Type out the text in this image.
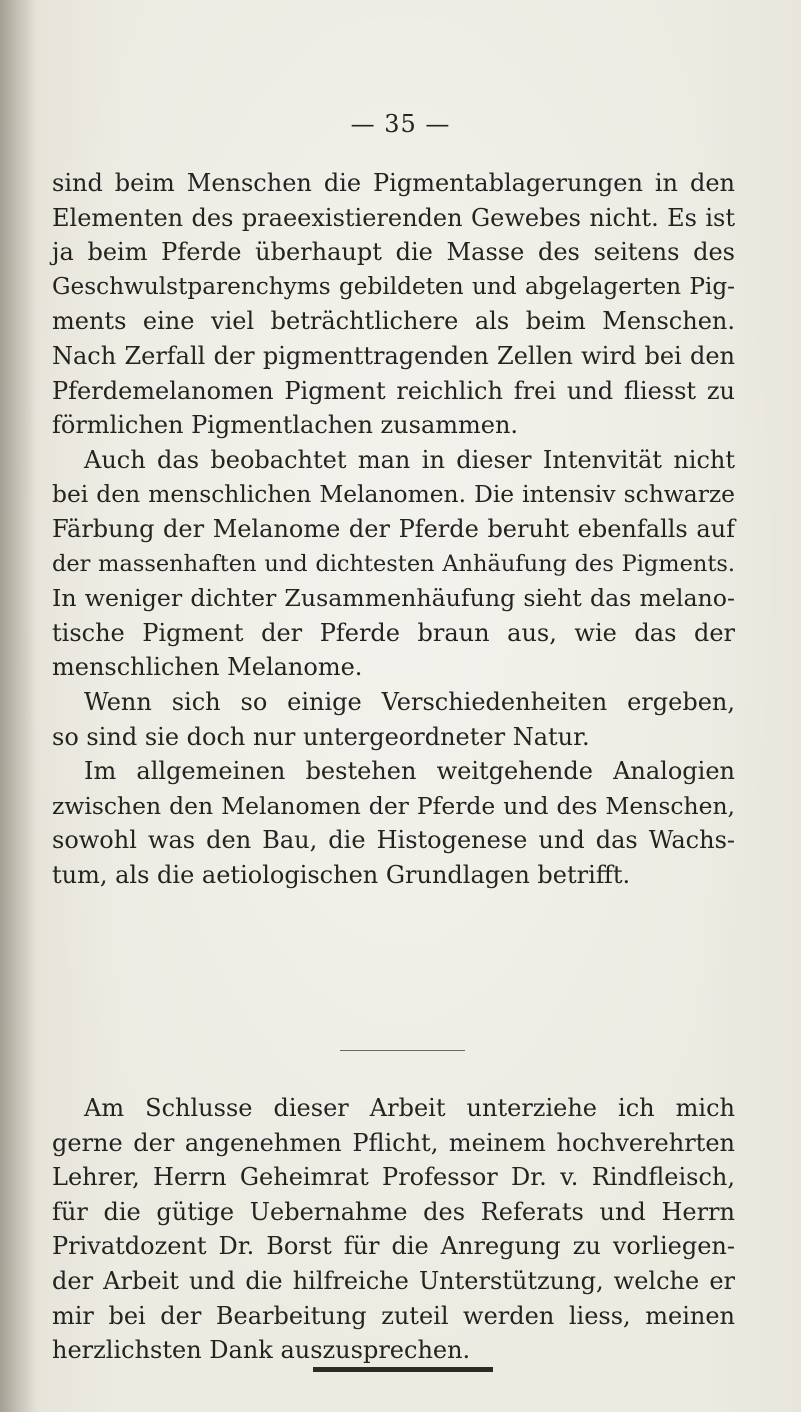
— 35 —

sind beim Menschen die Pigmentablagerungen in den
Elementen des praeexistierenden Gewebes nicht. Es ist
ja beim Pferde überhaupt die Masse des seitens des
Geschwulstparenchyms gebildeten und abgelagerten Pig-
ments eine viel beträchtlichere als beim Menschen.
Nach Zerfall der pigmenttragenden Zellen wird bei den
Pferdemelanomen Pigment reichlich frei und fliesst zu
förmlichen Pigmentlachen zusammen.

Auch das beobachtet man in dieser Intenvität nicht
bei den menschlichen Melanomen. Die intensiv schwarze
Färbung der Melanome der Pferde beruht ebenfalls auf
der massenhaften und dichtesten Anhäufung des Pigments.
In weniger dichter Zusammenhäufung sieht das melano-
tische Pigment der Pferde braun aus, wie das der
menschlichen Melanome.

Wenn sich so einige Verschiedenheiten ergeben,
so sind sie doch nur untergeordneter Natur.

Im allgemeinen bestehen weitgehende Analogien
zwischen den Melanomen der Pferde und des Menschen,
sowohl was den Bau, die Histogenese und das Wachs-
tum, als die aetiologischen Grundlagen betrifft.

Am Schlusse dieser Arbeit unterziehe ich mich
gerne der angenehmen Pflicht, meinem hochverehrten
Lehrer, Herrn Geheimrat Professor Dr. v. Rindfleisch,
für die gütige Uebernahme des Referats und Herrn
Privatdozent Dr. Borst für die Anregung zu vorliegen-
der Arbeit und die hilfreiche Unterstützung, welche er
mir bei der Bearbeitung zuteil werden liess, meinen
herzlichsten Dank auszusprechen.
